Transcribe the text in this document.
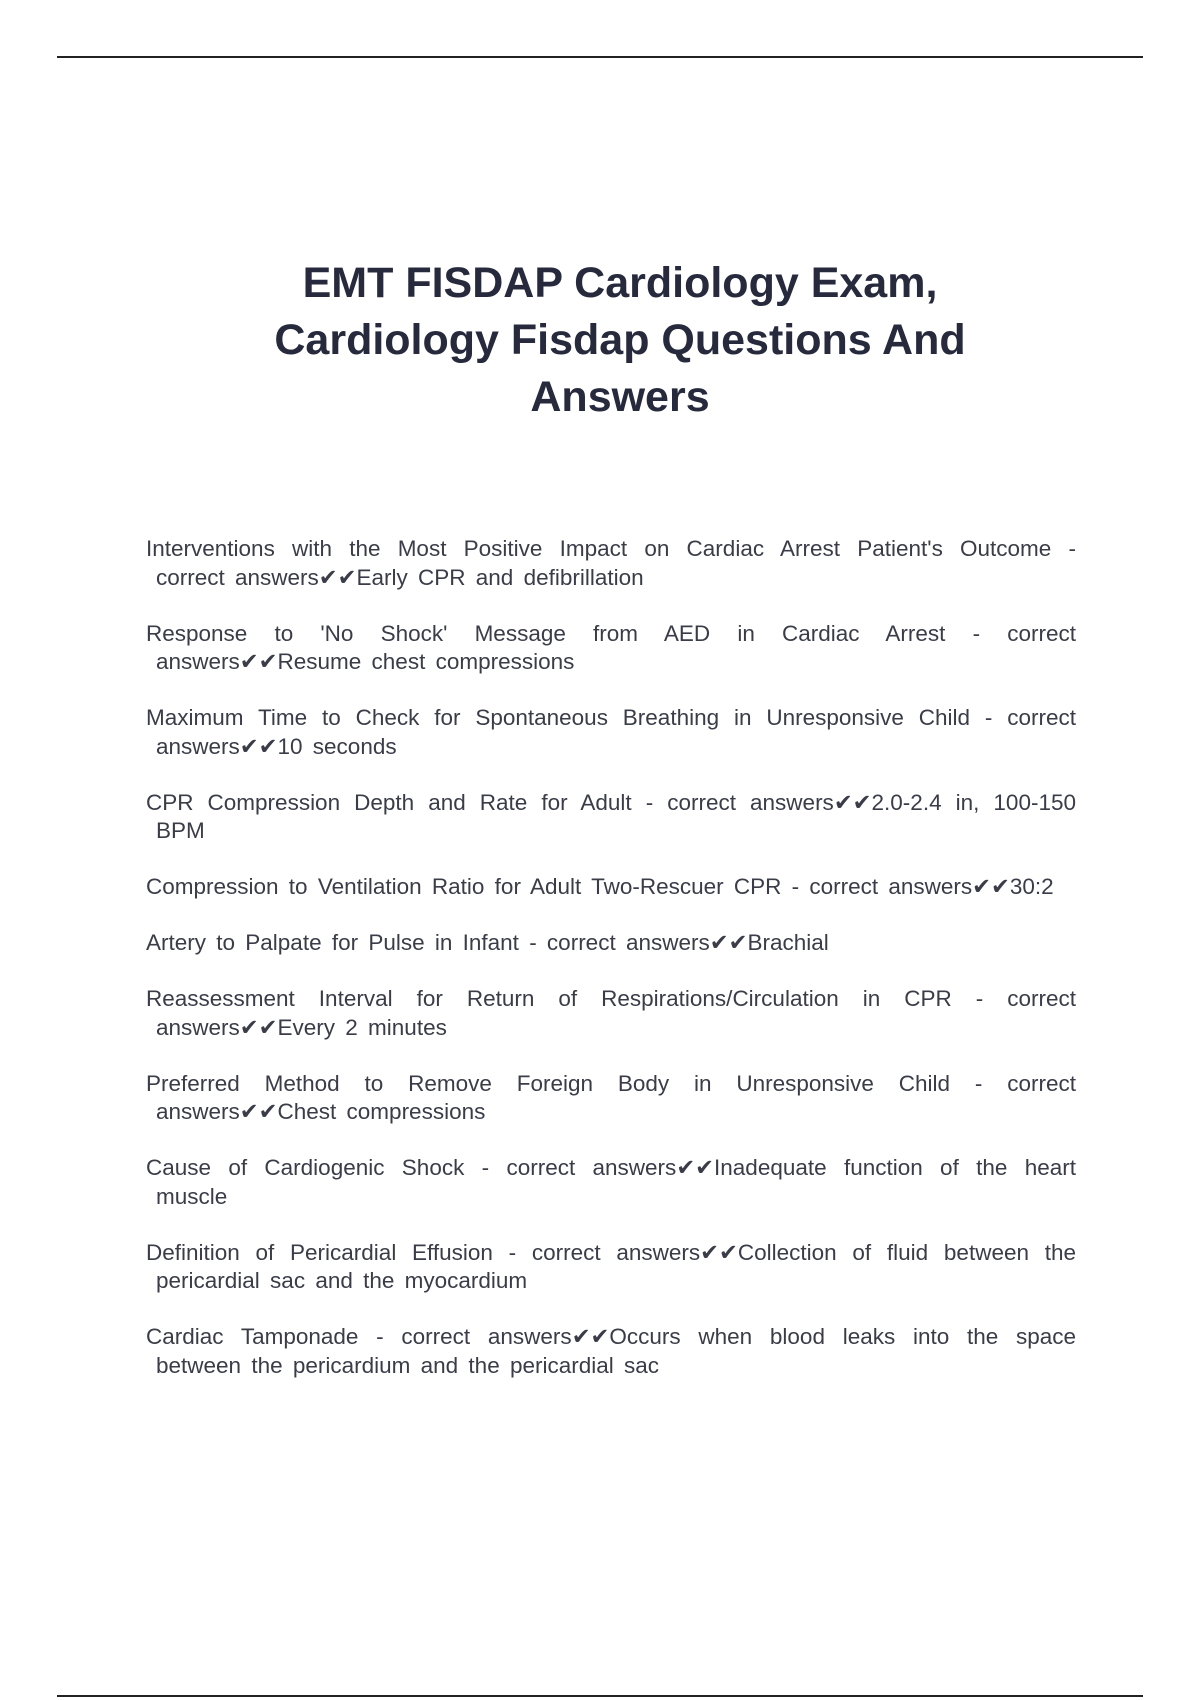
EMT FISDAP Cardiology Exam,
Cardiology Fisdap Questions And
Answers
Interventions with the Most Positive Impact on Cardiac Arrest Patient's Outcome - correct answers✔✔Early CPR and defibrillation
Response to 'No Shock' Message from AED in Cardiac Arrest - correct answers✔✔Resume chest compressions
Maximum Time to Check for Spontaneous Breathing in Unresponsive Child - correct answers✔✔10 seconds
CPR Compression Depth and Rate for Adult - correct answers✔✔2.0-2.4 in, 100-150 BPM
Compression to Ventilation Ratio for Adult Two-Rescuer CPR - correct answers✔✔30:2
Artery to Palpate for Pulse in Infant - correct answers✔✔Brachial
Reassessment Interval for Return of Respirations/Circulation in CPR - correct answers✔✔Every 2 minutes
Preferred Method to Remove Foreign Body in Unresponsive Child - correct answers✔✔Chest compressions
Cause of Cardiogenic Shock - correct answers✔✔Inadequate function of the heart muscle
Definition of Pericardial Effusion - correct answers✔✔Collection of fluid between the pericardial sac and the myocardium
Cardiac Tamponade - correct answers✔✔Occurs when blood leaks into the space between the pericardium and the pericardial sac
